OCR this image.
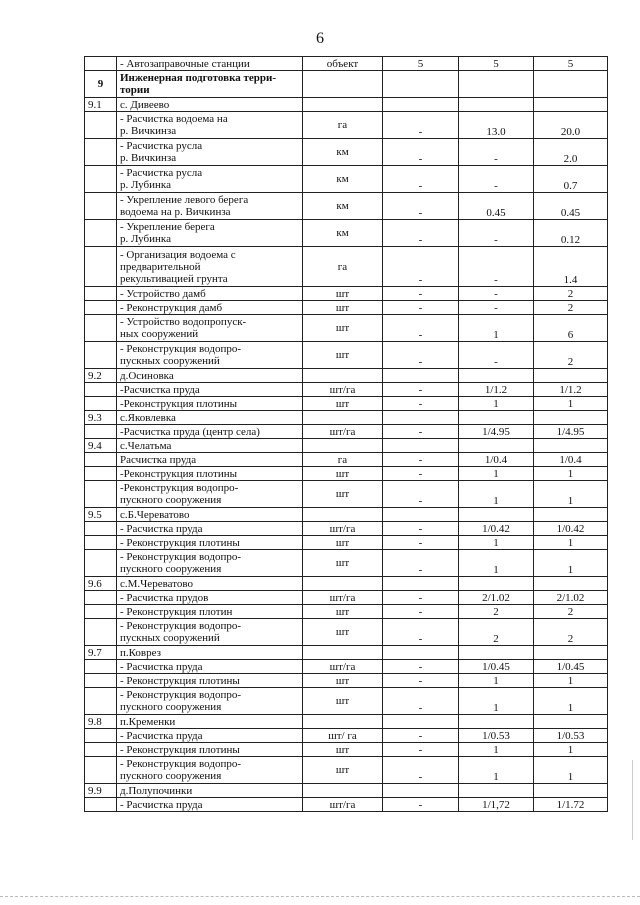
6
	- Автозаправочные станции	объект	5	5	5
9	Инженерная подготовка терри-
тории				
9.1	с. Дивеево				
	- Расчистка водоема на
р. Вичкинза	га	-	13.0	20.0
	- Расчистка русла
р. Вичкинза	км	-	-	2.0
	- Расчистка русла
р. Лубинка	км	-	-	0.7
	- Укрепление левого берега
водоема на р. Вичкинза	км	-	0.45	0.45
	- Укрепление берега
р. Лубинка	км	-	-	0.12
	- Организация водоема с
предварительной
рекультивацией грунта	га	-	-	1.4
	- Устройство дамб	шт	-	-	2
	- Реконструкция дамб	шт	-	-	2
	- Устройство водопропуск-
ных сооружений	шт	-	1	6
	- Реконструкция водопро-
пускных сооружений	шт	-	-	2
9.2	д.Осиновка				
	-Расчистка пруда	шт/га	-	1/1.2	1/1.2
	-Реконструкция плотины	шт	-	1	1
9.3	с.Яковлевка				
	-Расчистка пруда (центр села)	шт/га	-	1/4.95	1/4.95
9.4	с.Челатьма				
	Расчистка пруда	га	-	1/0.4	1/0.4
	-Реконструкция плотины	шт	-	1	1
	-Реконструкция водопро-
пускного сооружения	шт	-	1	1
9.5	с.Б.Череватово				
	- Расчистка пруда	шт/га	-	1/0.42	1/0.42
	- Реконструкция плотины	шт	-	1	1
	- Реконструкция водопро-
пускного сооружения	шт	-	1	1
9.6	с.М.Череватово				
	- Расчистка прудов	шт/га	-	2/1.02	2/1.02
	- Реконструкция плотин	шт	-	2	2
	- Реконструкция водопро-
пускных сооружений	шт	-	2	2
9.7	п.Коврез				
	- Расчистка пруда	шт/га	-	1/0.45	1/0.45
	- Реконструкция плотины	шт	-	1	1
	- Реконструкция водопро-
пускного сооружения	шт	-	1	1
9.8	п.Кременки				
	- Расчистка пруда	шт/ га	-	1/0.53	1/0.53
	- Реконструкция плотины	шт	-	1	1
	- Реконструкция водопро-
пускного сооружения	шт	-	1	1
9.9	д.Полупочинки				
	- Расчистка пруда	шт/га	-	1/1,72	1/1.72
